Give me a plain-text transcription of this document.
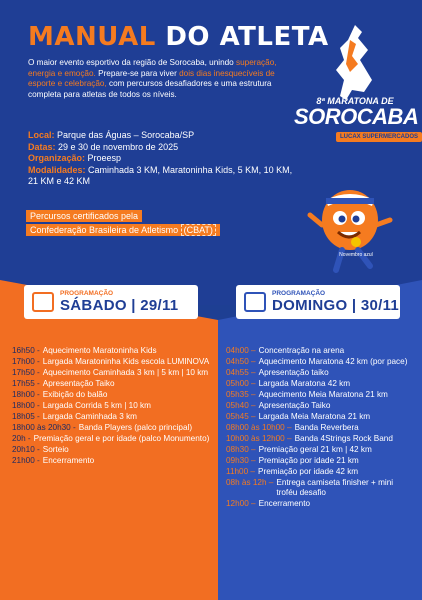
MANUAL DO ATLETA
O maior evento esportivo da região de Sorocaba, unindo superação, energia e emoção. Prepare-se para viver dois dias inesquecíveis de esporte e celebração, com percursos desafiadores e uma estrutura completa para atletas de todos os níveis.
Local: Parque das Águas – Sorocaba/SP
Datas: 29 e 30 de novembro de 2025
Organização: Proeesp
Modalidades: Caminhada 3 KM, Maratoninha Kids, 5 KM, 10 KM, 21 KM e 42 KM
Percursos certificados pela
Confederação Brasileira de Atletismo (CBAT)
8ª MARATONA DE
SOROCABA
LUCAX SUPERMERCADOS
Novembro azul
PROGRAMAÇÃO
SÁBADO | 29/11
PROGRAMAÇÃO
DOMINGO | 30/11
16h50 - Aquecimento Maratoninha Kids
17h00 - Largada Maratoninha Kids escola LUMINOVA
17h50 - Aquecimento Caminhada 3 km | 5 km | 10 km
17h55 - Apresentação Taiko
18h00 - Exibição do balão
18h00 - Largada Corrida 5 km | 10 km
18h05 - Largada Caminhada 3 km
18h00 às 20h30 - Banda Players (palco principal)
20h - Premiação geral e por idade (palco Monumento)
20h10 - Sorteio
21h00 - Encerramento
04h00 – Concentração na arena
04h50 – Aquecimento Maratona 42 km (por pace)
04h55 – Apresentação taiko
05h00 – Largada Maratona 42 km
05h35 – Aquecimento Meia Maratona 21 km
05h40 – Apresentação Taiko
05h45 – Largada Meia Maratona 21 km
08h00 às 10h00 – Banda Reverbera
10h00 às 12h00 – Banda 4Strings Rock Band
08h30 – Premiação geral 21 km | 42 km
09h30 – Premiação por idade 21 km
11h00 – Premiação por idade 42 km
08h às 12h – Entrega camiseta finisher + mini troféu desafio
12h00 – Encerramento
